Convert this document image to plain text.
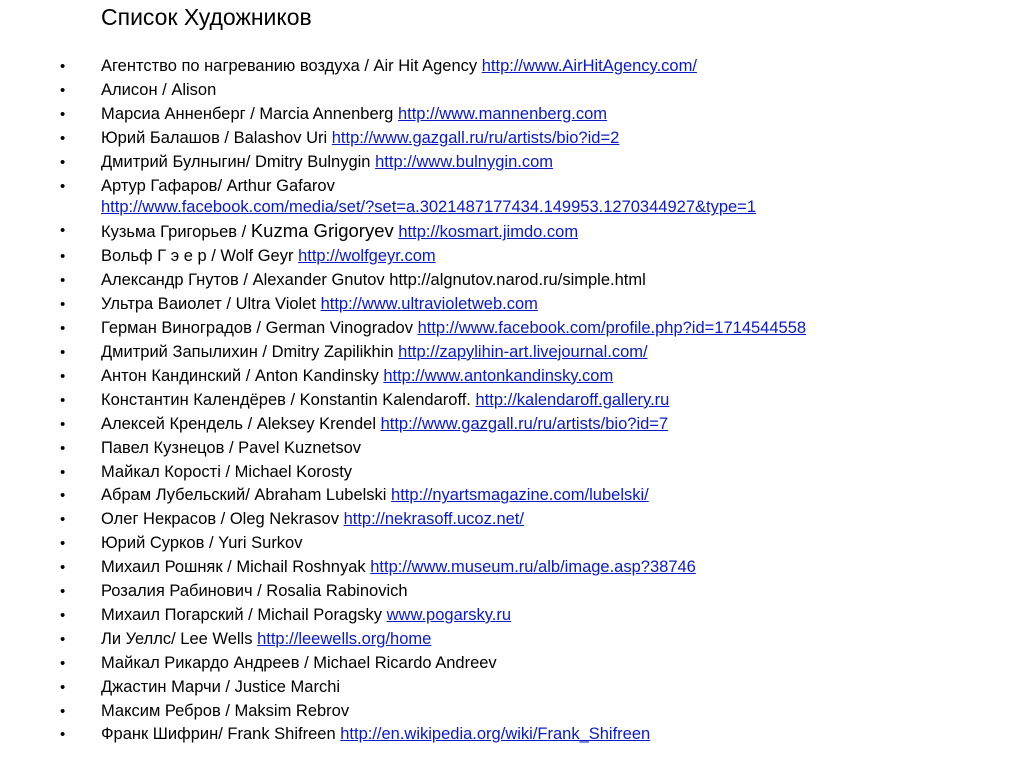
Список Художников
• Агентство по нагреванию воздуха / Air Hit Agency http://www.AirHitAgency.com/
• Алисон / Alison
• Марсиа Анненберг / Marcia Annenberg http://www.mannenberg.com
• Юрий Балашов / Balashov Uri http://www.gazgall.ru/ru/artists/bio?id=2
• Дмитрий Булныгин/ Dmitry Bulnygin http://www.bulnygin.com
• Артур Гафаров/ Arthur Gafarov
http://www.facebook.com/media/set/?set=a.3021487177434.149953.1270344927&type=1
• Кузьма Григорьев / Kuzma Grigoryev http://kosmart.jimdo.com
• Вольф Г э е р / Wolf Geyr http://wolfgeyr.com
• Александр Гнутов / Alexander Gnutov http://algnutov.narod.ru/simple.html
• Ультра Ваиолет / Ultra Violet http://www.ultravioletweb.com
• Герман Виноградов / German Vinogradov http://www.facebook.com/profile.php?id=1714544558
• Дмитрий Запылихин / Dmitry Zapilikhin http://zapylihin-art.livejournal.com/
• Антон Кандинский / Anton Kandinsky http://www.antonkandinsky.com
• Константин Календёрев / Konstantin Kalendaroff. http://kalendaroff.gallery.ru
• Алексей Крендель / Aleksey Krendel http://www.gazgall.ru/ru/artists/bio?id=7
• Павел Кузнецов / Pavel Kuznetsov
• Майкал Коростi / Michael Korosty
• Абрам Лубельский/ Abraham Lubelski http://nyartsmagazine.com/lubelski/
• Олег Некрасов / Oleg Nekrasov http://nekrasoff.ucoz.net/
• Юрий Сурков / Yuri Surkov
• Михаил Рошняк / Michail Roshnyak http://www.museum.ru/alb/image.asp?38746
• Розалия Рабинович / Rosalia Rabinovich
• Михаил Погарский / Michail Poragsky www.pogarsky.ru
• Ли Уеллс/ Lee Wells http://leewells.org/home
• Майкал Рикардо Андреев / Michael Ricardo Andreev
• Джастин Марчи / Justice Marchi
• Максим Ребров / Maksim Rebrov
• Франк Шифрин/ Frank Shifreen http://en.wikipedia.org/wiki/Frank_Shifreen
